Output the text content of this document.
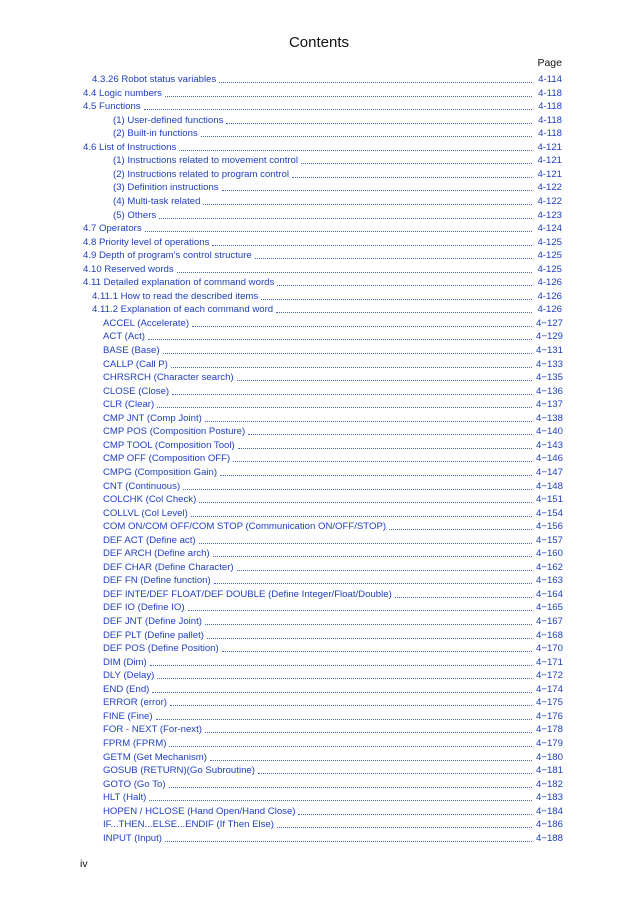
Contents
Page
4.3.26 Robot status variables	4-114
4.4 Logic numbers	4-118
4.5 Functions	4-118
(1) User-defined functions	4-118
(2) Built-in functions	4-118
4.6 List of Instructions	4-121
(1) Instructions related to movement control	4-121
(2) Instructions related to program control	4-121
(3) Definition instructions	4-122
(4) Multi-task related	4-122
(5) Others	4-123
4.7 Operators	4-124
4.8 Priority level of operations	4-125
4.9 Depth of program's control structure	4-125
4.10 Reserved words	4-125
4.11 Detailed explanation of command words	4-126
4.11.1 How to read the described items	4-126
4.11.2 Explanation of each command word	4-126
ACCEL (Accelerate)	4−127
ACT (Act)	4−129
BASE (Base)	4−131
CALLP (Call P)	4−133
CHRSRCH (Character search)	4−135
CLOSE (Close)	4−136
CLR (Clear)	4−137
CMP JNT (Comp Joint)	4−138
CMP POS (Composition Posture)	4−140
CMP TOOL (Composition Tool)	4−143
CMP OFF (Composition OFF)	4−146
CMPG (Composition Gain)	4−147
CNT (Continuous)	4−148
COLCHK (Col Check)	4−151
COLLVL (Col Level)	4−154
COM ON/COM OFF/COM STOP (Communication ON/OFF/STOP)	4−156
DEF ACT (Define act)	4−157
DEF ARCH (Define arch)	4−160
DEF CHAR (Define Character)	4−162
DEF FN (Define function)	4−163
DEF INTE/DEF FLOAT/DEF DOUBLE (Define Integer/Float/Double)	4−164
DEF IO (Define IO)	4−165
DEF JNT (Define Joint)	4−167
DEF PLT (Define pallet)	4−168
DEF POS (Define Position)	4−170
DIM (Dim)	4−171
DLY (Delay)	4−172
END (End)	4−174
ERROR (error)	4−175
FINE (Fine)	4−176
FOR - NEXT (For-next)	4−178
FPRM (FPRM)	4−179
GETM (Get Mechanism)	4−180
GOSUB (RETURN)(Go Subroutine)	4−181
GOTO (Go To)	4−182
HLT (Halt)	4−183
HOPEN / HCLOSE (Hand Open/Hand Close)	4−184
IF...THEN...ELSE...ENDIF (If Then Else)	4−186
INPUT (Input)	4−188
iv
